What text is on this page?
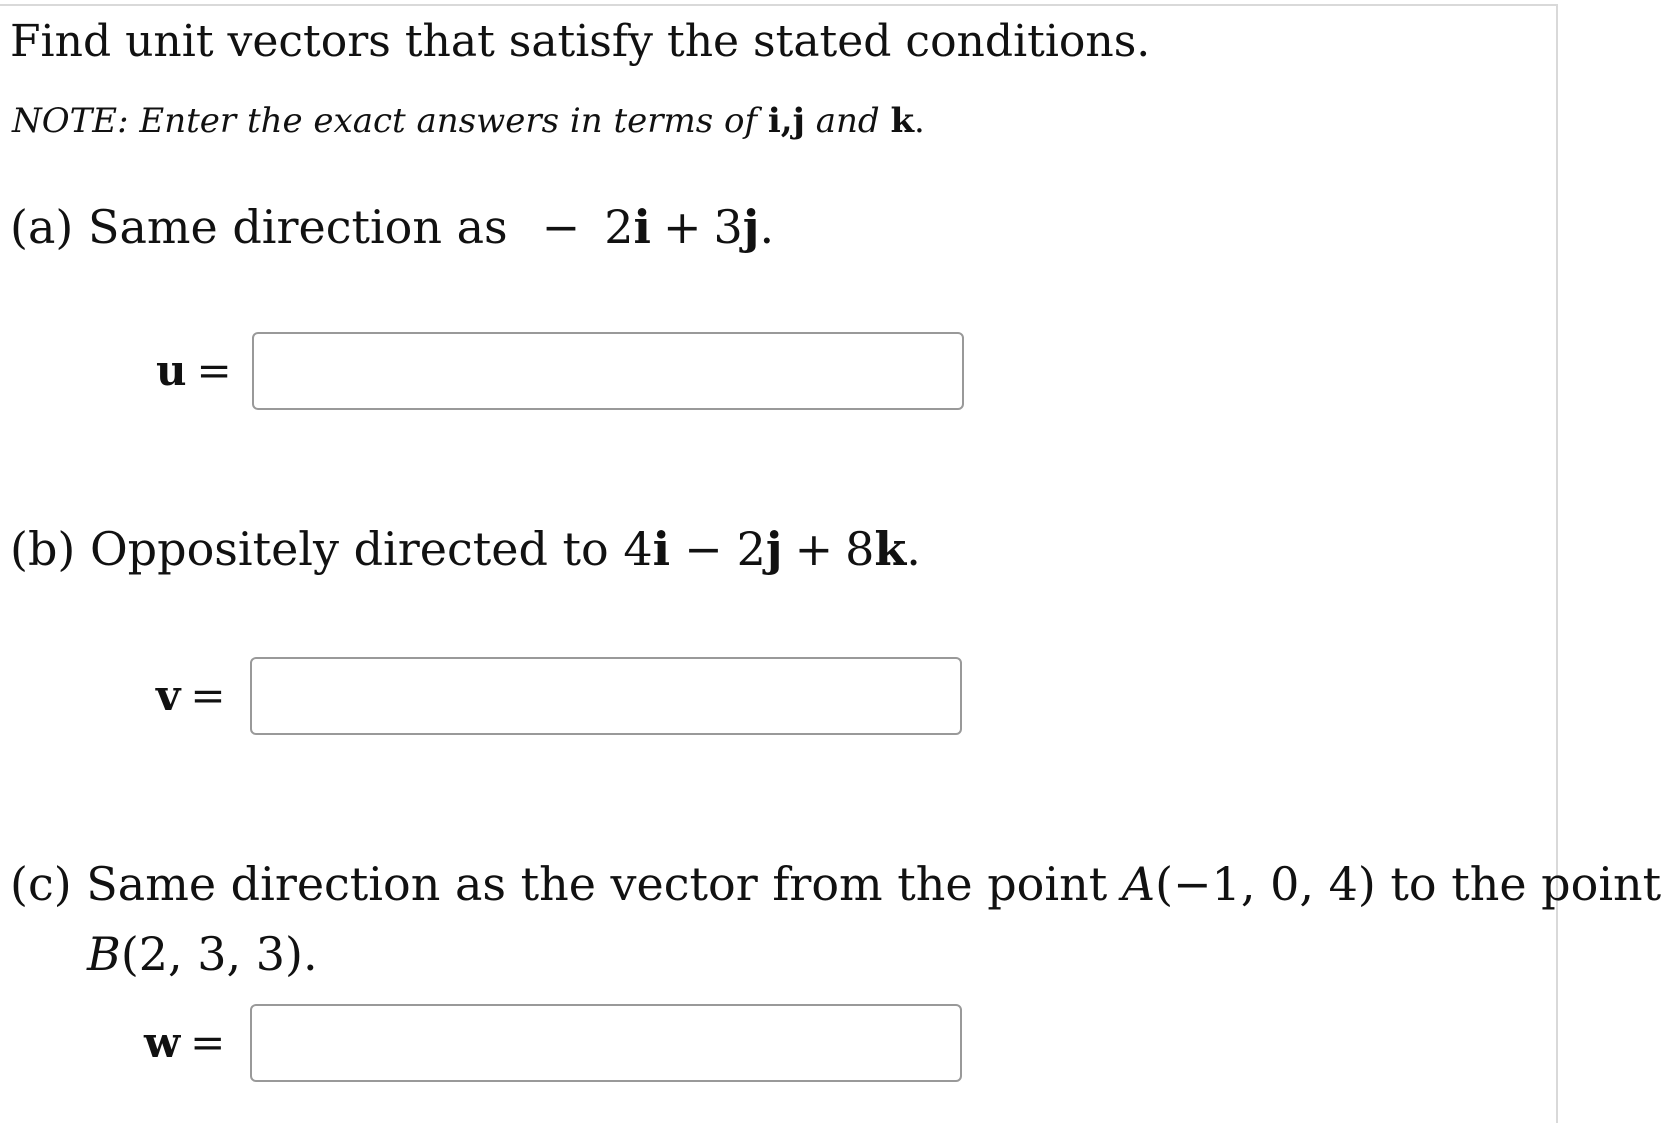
Find unit vectors that satisfy the stated conditions.
NOTE: Enter the exact answers in terms of i,j and k.
(a) Same direction as − 2i + 3j.
u =
(b) Oppositely directed to 4i − 2j + 8k.
v =
(c) Same direction as the vector from the point A(−1, 0, 4) to the point
B(2, 3, 3).
w =
